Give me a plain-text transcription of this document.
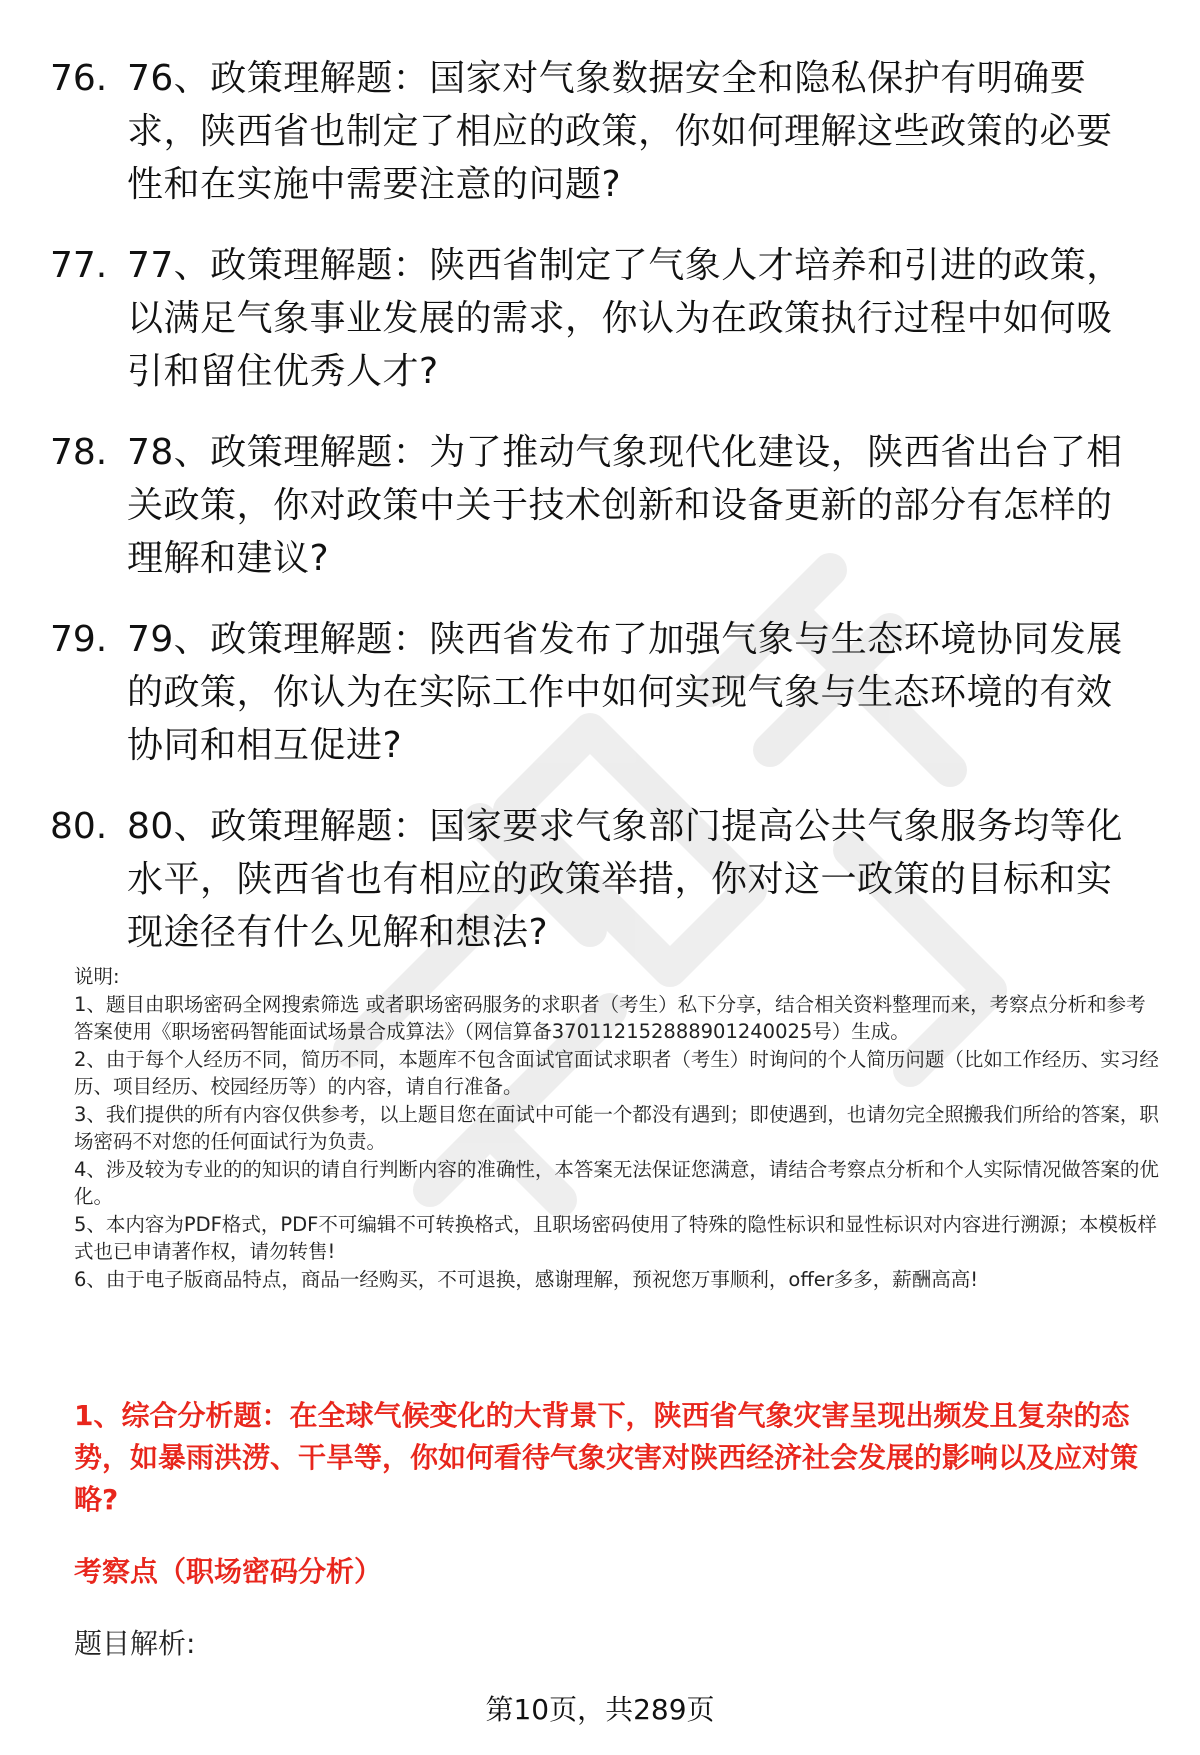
76. 76、政策理解题：国家对气象数据安全和隐私保护有明确要求，陕西省也制定了相应的政策，你如何理解这些政策的必要性和在实施中需要注意的问题?
77. 77、政策理解题：陕西省制定了气象人才培养和引进的政策，以满足气象事业发展的需求，你认为在政策执行过程中如何吸引和留住优秀人才?
78. 78、政策理解题：为了推动气象现代化建设，陕西省出台了相关政策，你对政策中关于技术创新和设备更新的部分有怎样的理解和建议?
79. 79、政策理解题：陕西省发布了加强气象与生态环境协同发展的政策，你认为在实际工作中如何实现气象与生态环境的有效协同和相互促进?
80. 80、政策理解题：国家要求气象部门提高公共气象服务均等化水平，陕西省也有相应的政策举措，你对这一政策的目标和实现途径有什么见解和想法?

说明:

1、题目由职场密码全网搜索筛选 或者职场密码服务的求职者（考生）私下分享，结合相关资料整理而来，考察点分析和参考答案使用《职场密码智能面试场景合成算法》（网信算备370112152888901240025号）生成。

2、由于每个人经历不同，简历不同，本题库不包含面试官面试求职者（考生）时询问的个人简历问题（比如工作经历、实习经历、项目经历、校园经历等）的内容，请自行准备。

3、我们提供的所有内容仅供参考，以上题目您在面试中可能一个都没有遇到；即使遇到，也请勿完全照搬我们所给的答案，职场密码不对您的任何面试行为负责。

4、涉及较为专业的的知识的请自行判断内容的准确性，本答案无法保证您满意，请结合考察点分析和个人实际情况做答案的优化。

5、本内容为PDF格式，PDF不可编辑不可转换格式，且职场密码使用了特殊的隐性标识和显性标识对内容进行溯源；本模板样式也已申请著作权，请勿转售!

6、由于电子版商品特点，商品一经购买，不可退换，感谢理解，预祝您万事顺利，offer多多，薪酬高高!

1、综合分析题：在全球气候变化的大背景下，陕西省气象灾害呈现出频发且复杂的态势，如暴雨洪涝、干旱等，你如何看待气象灾害对陕西经济社会发展的影响以及应对策略?

考察点（职场密码分析）

题目解析:

第10页，共289页
